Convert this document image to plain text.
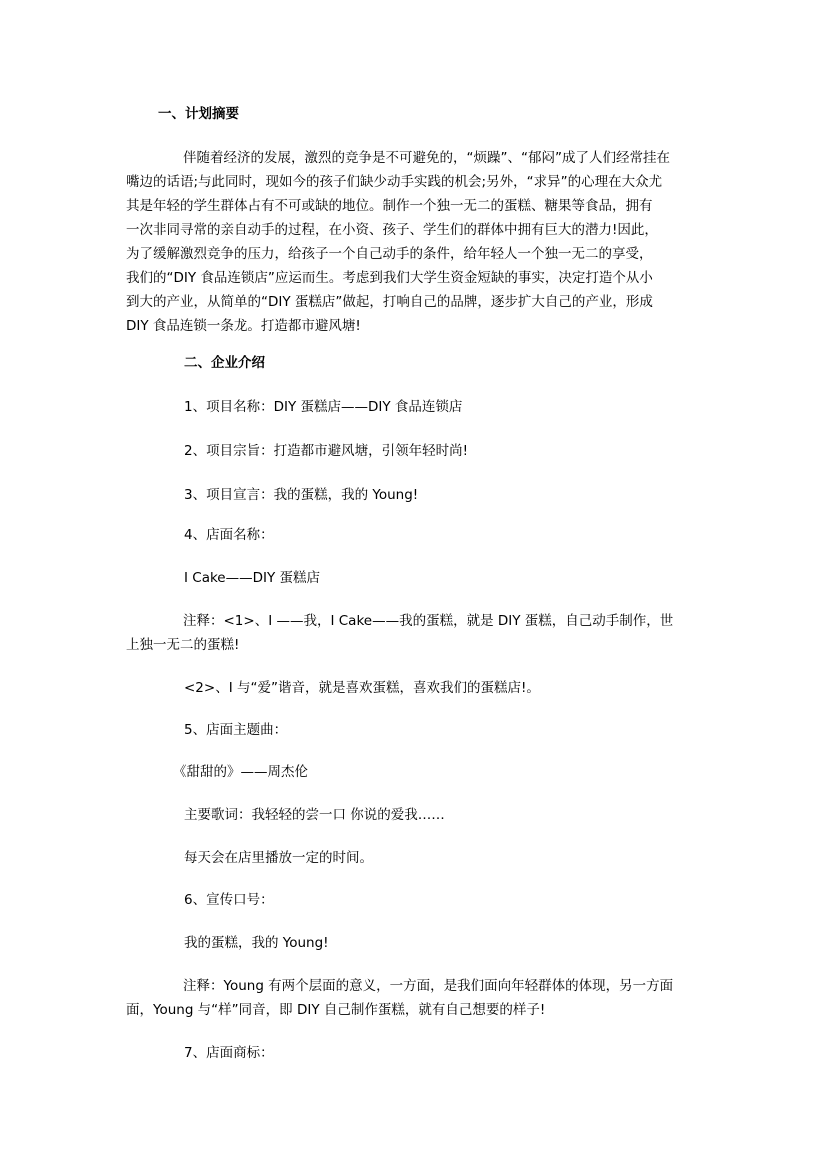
一、计划摘要
伴随着经济的发展，激烈的竞争是不可避免的，“烦躁”、“郁闷”成了人们经常挂在
嘴边的话语;与此同时，现如今的孩子们缺少动手实践的机会;另外，“求异”的心理在大众尤
其是年轻的学生群体占有不可或缺的地位。制作一个独一无二的蛋糕、糖果等食品，拥有
一次非同寻常的亲自动手的过程，在小资、孩子、学生们的群体中拥有巨大的潜力!因此，
为了缓解激烈竞争的压力，给孩子一个自己动手的条件，给年轻人一个独一无二的享受，
我们的“DIY 食品连锁店”应运而生。考虑到我们大学生资金短缺的事实，决定打造个从小
到大的产业，从简单的“DIY 蛋糕店”做起，打响自己的品牌，逐步扩大自己的产业，形成
DIY 食品连锁一条龙。打造都市避风塘!
二、企业介绍
1、项目名称：DIY 蛋糕店——DIY 食品连锁店
2、项目宗旨：打造都市避风塘，引领年轻时尚!
3、项目宣言：我的蛋糕，我的 Young!
4、店面名称：
I Cake——DIY 蛋糕店
注释：<1>、I ——我，I Cake——我的蛋糕，就是 DIY 蛋糕，自己动手制作，世
上独一无二的蛋糕!
<2>、I 与“爱”谐音，就是喜欢蛋糕，喜欢我们的蛋糕店!。
5、店面主题曲：
《甜甜的》——周杰伦
主要歌词：我轻轻的尝一口 你说的爱我……
每天会在店里播放一定的时间。
6、宣传口号：
我的蛋糕，我的 Young!
注释：Young 有两个层面的意义，一方面，是我们面向年轻群体的体现，另一方面
面，Young 与“样”同音，即 DIY 自己制作蛋糕，就有自己想要的样子!
7、店面商标：
